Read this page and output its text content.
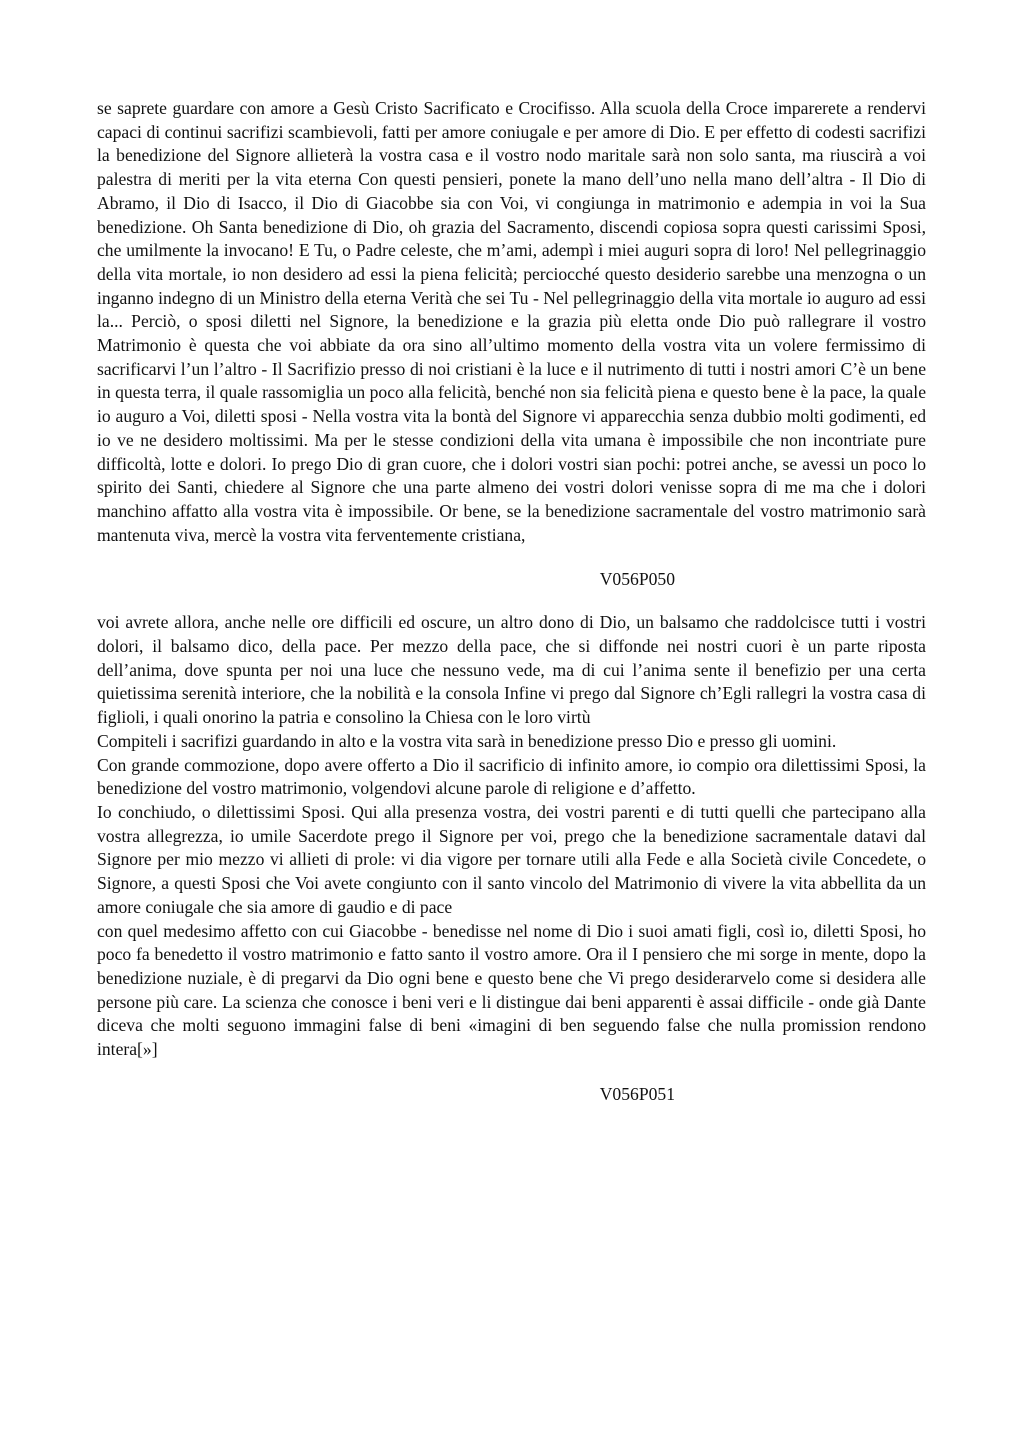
se saprete guardare con amore a Gesù Cristo Sacrificato e Crocifisso. Alla scuola della Croce imparerete a rendervi capaci di continui sacrifizi scambievoli, fatti per amore coniugale e per amore di Dio. E per effetto di codesti sacrifizi la benedizione del Signore allieterà la vostra casa e il vostro nodo maritale sarà non solo santa, ma riuscirà a voi palestra di meriti per la vita eterna Con questi pensieri, ponete la mano dell’uno nella mano dell’altra - Il Dio di Abramo, il Dio di Isacco, il Dio di Giacobbe sia con Voi, vi congiunga in matrimonio e adempia in voi la Sua benedizione. Oh Santa benedizione di Dio, oh grazia del Sacramento, discendi copiosa sopra questi carissimi Sposi, che umilmente la invocano! E Tu, o Padre celeste, che m’ami, adempì i miei auguri sopra di loro! Nel pellegrinaggio della vita mortale, io non desidero ad essi la piena felicità; perciocché questo desiderio sarebbe una menzogna o un inganno indegno di un Ministro della eterna Verità che sei Tu - Nel pellegrinaggio della vita mortale io auguro ad essi la... Perciò, o sposi diletti nel Signore, la benedizione e la grazia più eletta onde Dio può rallegrare il vostro Matrimonio è questa che voi abbiate da ora sino all’ultimo momento della vostra vita un volere fermissimo di sacrificarvi l’un l’altro - Il Sacrifizio presso di noi cristiani è la luce e il nutrimento di tutti i nostri amori C’è un bene in questa terra, il quale rassomiglia un poco alla felicità, benché non sia felicità piena e questo bene è la pace, la quale io auguro a Voi, diletti sposi - Nella vostra vita la bontà del Signore vi apparecchia senza dubbio molti godimenti, ed io ve ne desidero moltissimi. Ma per le stesse condizioni della vita umana è impossibile che non incontriate pure difficoltà, lotte e dolori. Io prego Dio di gran cuore, che i dolori vostri sian pochi: potrei anche, se avessi un poco lo spirito dei Santi, chiedere al Signore che una parte almeno dei vostri dolori venisse sopra di me ma che i dolori manchino affatto alla vostra vita è impossibile. Or bene, se la benedizione sacramentale del vostro matrimonio sarà mantenuta viva, mercè la vostra vita ferventemente cristiana,

V056P050

voi avrete allora, anche nelle ore difficili ed oscure, un altro dono di Dio, un balsamo che raddolcisce tutti i vostri dolori, il balsamo dico, della pace. Per mezzo della pace, che si diffonde nei nostri cuori è un parte riposta dell’anima, dove spunta per noi una luce che nessuno vede, ma di cui l’anima sente il benefizio per una certa quietissima serenità interiore, che la nobilità e la consola Infine vi prego dal Signore ch’Egli rallegri la vostra casa di figlioli, i quali onorino la patria e consolino la Chiesa con le loro virtù

Compiteli i sacrifizi guardando in alto e la vostra vita sarà in benedizione presso Dio e presso gli uomini.

Con grande commozione, dopo avere offerto a Dio il sacrificio di infinito amore, io compio ora dilettissimi Sposi, la benedizione del vostro matrimonio, volgendovi alcune parole di religione e d’affetto.

Io conchiudo, o dilettissimi Sposi. Qui alla presenza vostra, dei vostri parenti e di tutti quelli che partecipano alla vostra allegrezza, io umile Sacerdote prego il Signore per voi, prego che la benedizione sacramentale datavi dal Signore per mio mezzo vi allieti di prole: vi dia vigore per tornare utili alla Fede e alla Società civile Concedete, o Signore, a questi Sposi che Voi avete congiunto con il santo vincolo del Matrimonio di vivere la vita abbellita da un amore coniugale che sia amore di gaudio e di pace

con quel medesimo affetto con cui Giacobbe - benedisse nel nome di Dio i suoi amati figli, così io, diletti Sposi, ho poco fa benedetto il vostro matrimonio e fatto santo il vostro amore. Ora il I pensiero che mi sorge in mente, dopo la benedizione nuziale, è di pregarvi da Dio ogni bene e questo bene che Vi prego desiderarvelo come si desidera alle persone più care. La scienza che conosce i beni veri e li distingue dai beni apparenti è assai difficile - onde già Dante diceva che molti seguono immagini false di beni «imagini di ben seguendo false che nulla promission rendono intera[»]

V056P051
